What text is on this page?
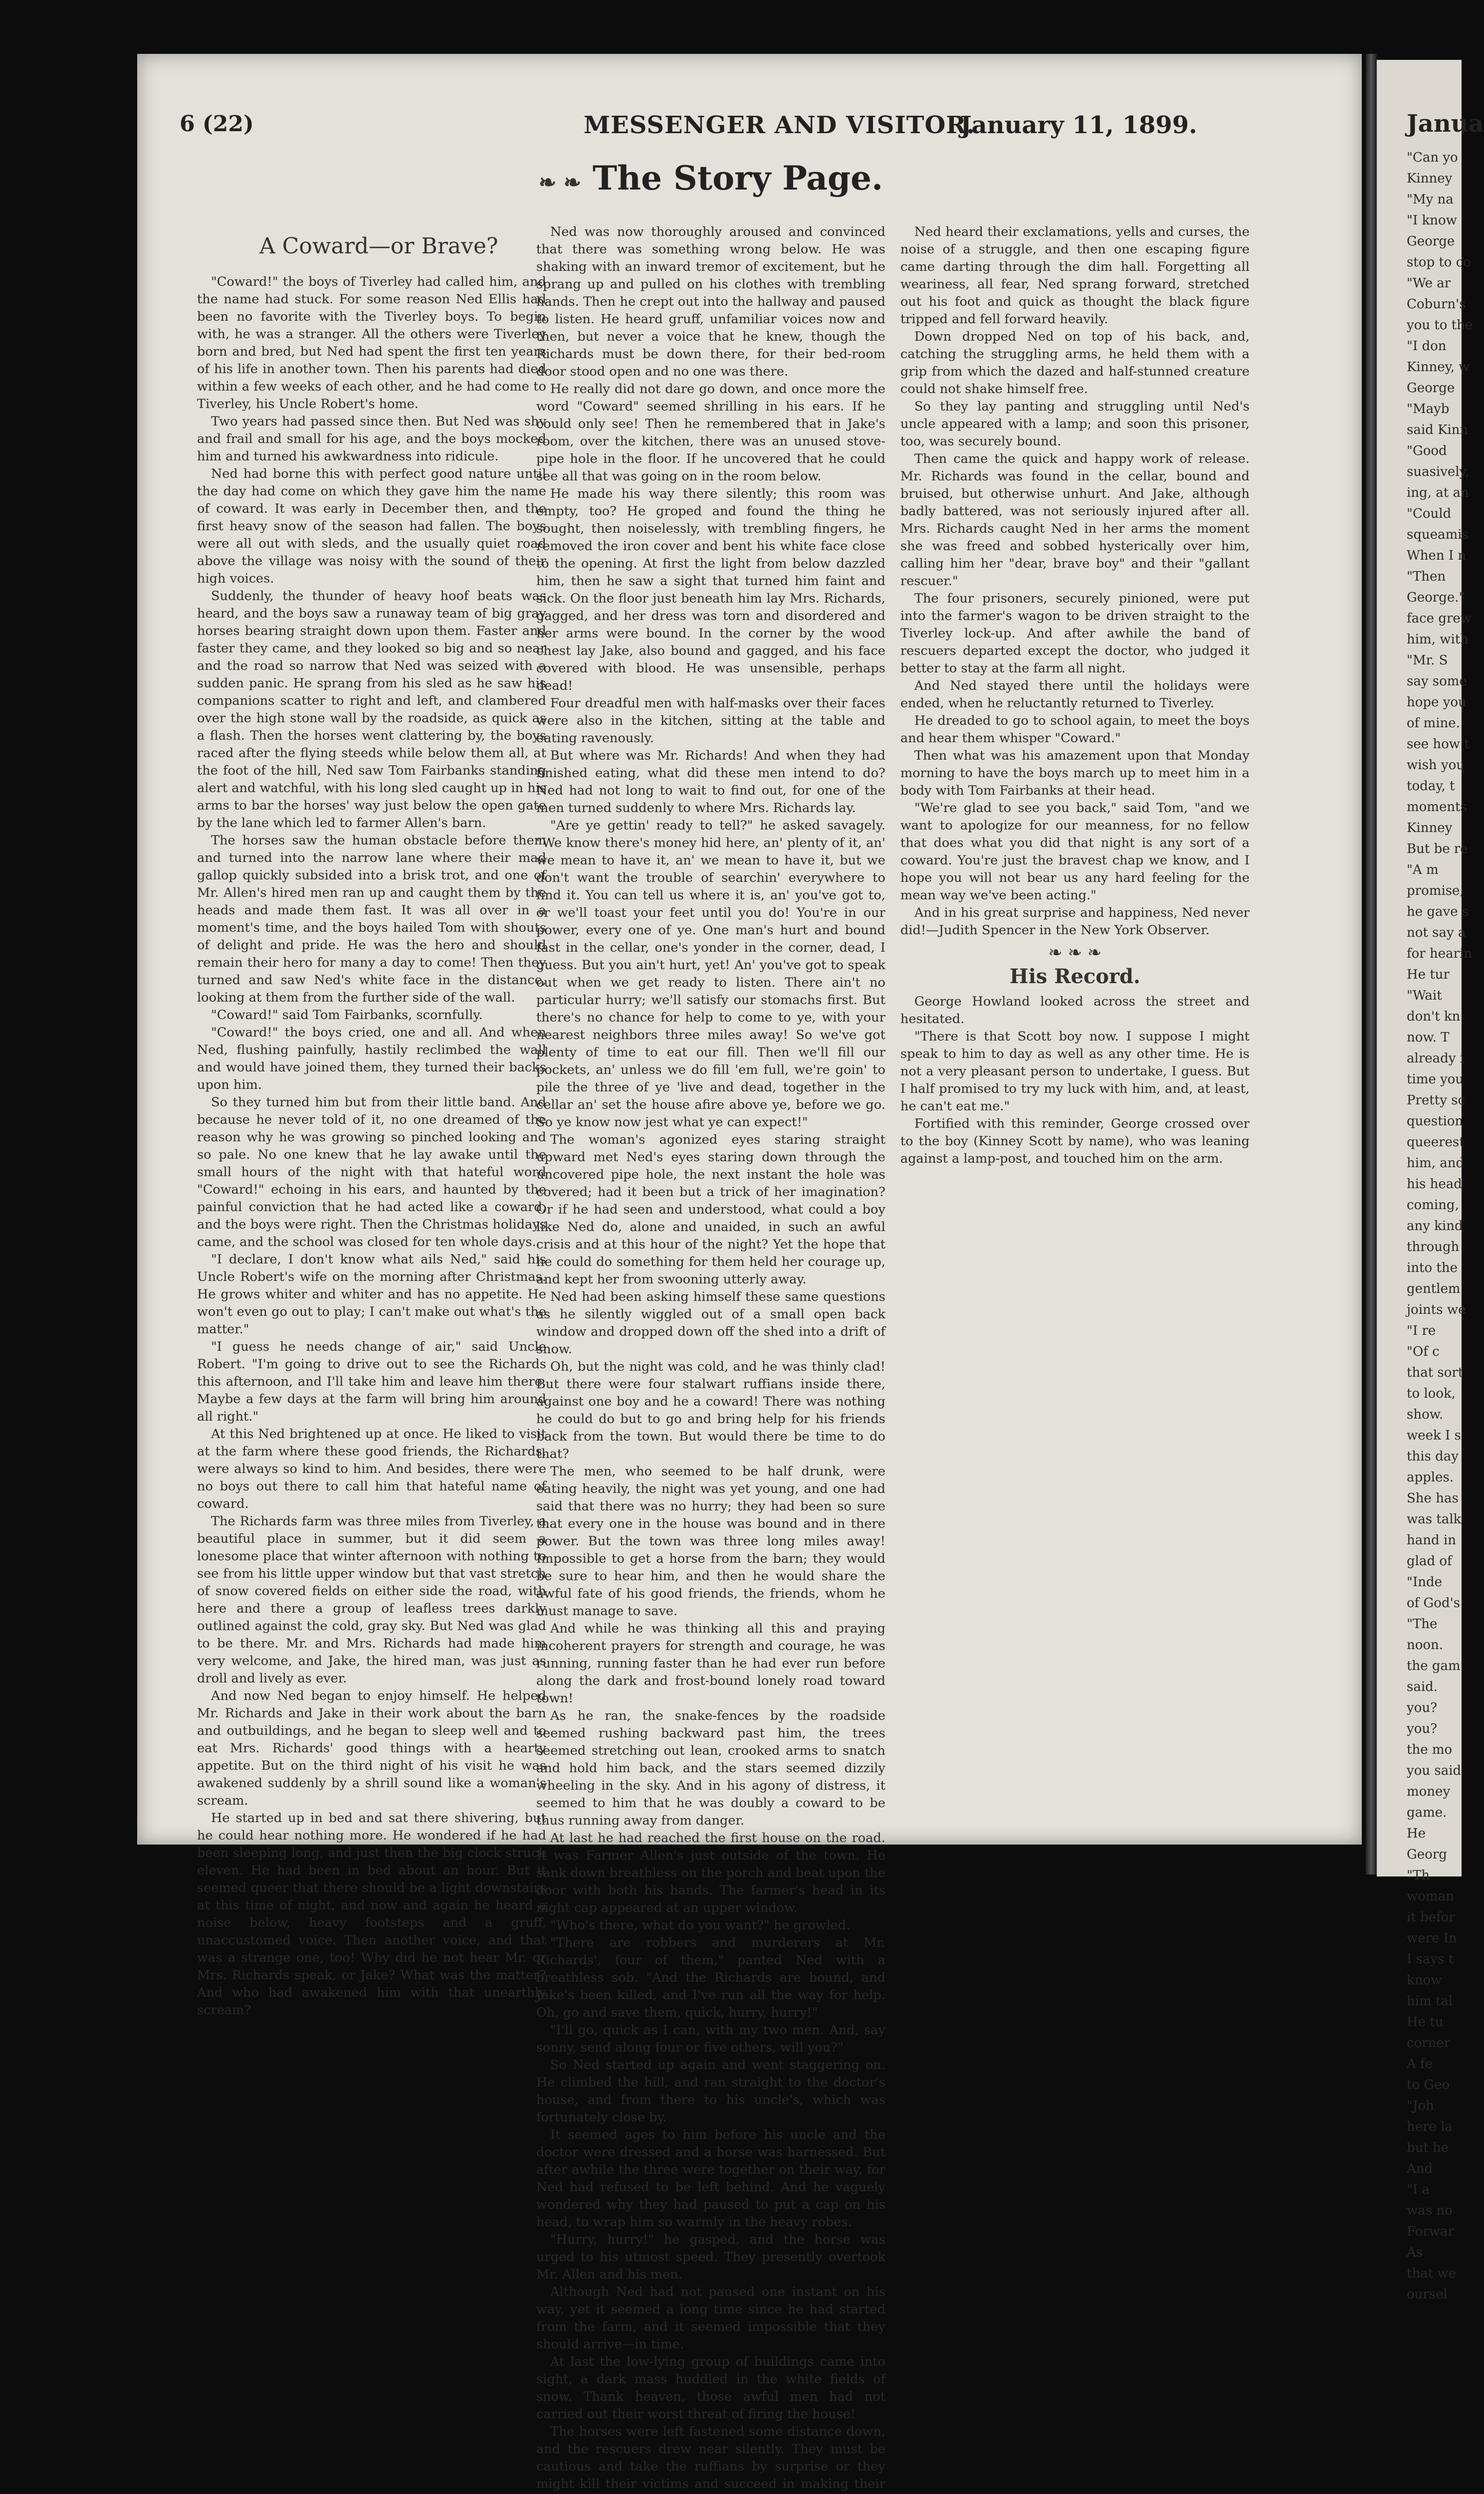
6 (22)	MESSENGER AND VISITOR.
January 11, 1899.
❧ ❧ The Story Page.
A Coward—or Brave?

"Coward!" the boys of Tiverley had called him, and the name had stuck. For some reason Ned Ellis had been no favorite with the Tiverley boys. To begin with, he was a stranger. All the others were Tiverley born and bred, but Ned had spent the first ten years of his life in another town. Then his parents had died within a few weeks of each other, and he had come to Tiverley, his Uncle Robert's home.

Two years had passed since then. But Ned was shy and frail and small for his age, and the boys mocked him and turned his awkwardness into ridicule.

Ned had borne this with perfect good nature until the day had come on which they gave him the name of coward. It was early in December then, and the first heavy snow of the season had fallen. The boys were all out with sleds, and the usually quiet road above the village was noisy with the sound of their high voices.

Suddenly, the thunder of heavy hoof beats was heard, and the boys saw a runaway team of big gray horses bearing straight down upon them. Faster and faster they came, and they looked so big and so near and the road so narrow that Ned was seized with a sudden panic. He sprang from his sled as he saw his companions scatter to right and left, and clambered over the high stone wall by the roadside, as quick as a flash. Then the horses went clattering by, the boys raced after the flying steeds while below them all, at the foot of the hill, Ned saw Tom Fairbanks standing alert and watchful, with his long sled caught up in his arms to bar the horses' way just below the open gate by the lane which led to farmer Allen's barn.

The horses saw the human obstacle before them and turned into the narrow lane where their mad gallop quickly subsided into a brisk trot, and one of Mr. Allen's hired men ran up and caught them by the heads and made them fast. It was all over in a moment's time, and the boys hailed Tom with shouts of delight and pride. He was the hero and should remain their hero for many a day to come! Then they turned and saw Ned's white face in the distance, looking at them from the further side of the wall.

"Coward!" said Tom Fairbanks, scornfully.

"Coward!" the boys cried, one and all. And when Ned, flushing painfully, hastily reclimbed the wall and would have joined them, they turned their backs upon him.

So they turned him but from their little band. And because he never told of it, no one dreamed of the reason why he was growing so pinched looking and so pale. No one knew that he lay awake until the small hours of the night with that hateful word "Coward!" echoing in his ears, and haunted by the painful conviction that he had acted like a coward, and the boys were right. Then the Christmas holidays came, and the school was closed for ten whole days.

"I declare, I don't know what ails Ned," said his Uncle Robert's wife on the morning after Christmas. He grows whiter and whiter and has no appetite. He won't even go out to play; I can't make out what's the matter."

"I guess he needs change of air," said Uncle Robert. "I'm going to drive out to see the Richards this afternoon, and I'll take him and leave him there. Maybe a few days at the farm will bring him around all right."

At this Ned brightened up at once. He liked to visit at the farm where these good friends, the Richards, were always so kind to him. And besides, there were no boys out there to call him that hateful name of coward.

The Richards farm was three miles from Tiverley, a beautiful place in summer, but it did seem a lonesome place that winter afternoon with nothing to see from his little upper window but that vast stretch of snow covered fields on either side the road, with here and there a group of leafless trees darkly outlined against the cold, gray sky. But Ned was glad to be there. Mr. and Mrs. Richards had made him very welcome, and Jake, the hired man, was just as droll and lively as ever.

And now Ned began to enjoy himself. He helped Mr. Richards and Jake in their work about the barn and outbuildings, and he began to sleep well and to eat Mrs. Richards' good things with a hearty appetite. But on the third night of his visit he was awakened suddenly by a shrill sound like a woman's scream.

He started up in bed and sat there shivering, but he could hear nothing more. He wondered if he had been sleeping long, and just then the big clock struck eleven. He had been in bed about an hour. But it seemed queer that there should be a light downstairs at this time of night, and now and again he heard a noise below, heavy footsteps and a gruff, unaccustomed voice. Then another voice, and that was a strange one, too! Why did he not hear Mr. or Mrs. Richards speak, or Jake? What was the matter? And who had awakened him with that unearthly scream?

Ned was now thoroughly aroused and convinced that there was something wrong below. He was shaking with an inward tremor of excitement, but he sprang up and pulled on his clothes with trembling hands. Then he crept out into the hallway and paused to listen. He heard gruff, unfamiliar voices now and then, but never a voice that he knew, though the Richards must be down there, for their bed-room door stood open and no one was there.

He really did not dare go down, and once more the word "Coward" seemed shrilling in his ears. If he could only see! Then he remembered that in Jake's room, over the kitchen, there was an unused stove-pipe hole in the floor. If he uncovered that he could see all that was going on in the room below.

He made his way there silently; this room was empty, too? He groped and found the thing he sought, then noiselessly, with trembling fingers, he removed the iron cover and bent his white face close to the opening. At first the light from below dazzled him, then he saw a sight that turned him faint and sick. On the floor just beneath him lay Mrs. Richards, gagged, and her dress was torn and disordered and her arms were bound. In the corner by the wood chest lay Jake, also bound and gagged, and his face covered with blood. He was unsensible, perhaps dead!

Four dreadful men with half-masks over their faces were also in the kitchen, sitting at the table and eating ravenously.

But where was Mr. Richards! And when they had finished eating, what did these men intend to do? Ned had not long to wait to find out, for one of the men turned suddenly to where Mrs. Richards lay.

"Are ye gettin' ready to tell?" he asked savagely. "We know there's money hid here, an' plenty of it, an' we mean to have it, an' we mean to have it, but we don't want the trouble of searchin' everywhere to find it. You can tell us where it is, an' you've got to, or we'll toast your feet until you do! You're in our power, every one of ye. One man's hurt and bound fast in the cellar, one's yonder in the corner, dead, I guess. But you ain't hurt, yet! An' you've got to speak out when we get ready to listen. There ain't no particular hurry; we'll satisfy our stomachs first. But there's no chance for help to come to ye, with your nearest neighbors three miles away! So we've got plenty of time to eat our fill. Then we'll fill our pockets, an' unless we do fill 'em full, we're goin' to pile the three of ye 'live and dead, together in the cellar an' set the house afire above ye, before we go. So ye know now jest what ye can expect!"

The woman's agonized eyes staring straight upward met Ned's eyes staring down through the uncovered pipe hole, the next instant the hole was covered; had it been but a trick of her imagination? Or if he had seen and understood, what could a boy like Ned do, alone and unaided, in such an awful crisis and at this hour of the night? Yet the hope that he could do something for them held her courage up, and kept her from swooning utterly away.

Ned had been asking himself these same questions as he silently wiggled out of a small open back window and dropped down off the shed into a drift of snow.

Oh, but the night was cold, and he was thinly clad! But there were four stalwart ruffians inside there, against one boy and he a coward! There was nothing he could do but to go and bring help for his friends back from the town. But would there be time to do that?

The men, who seemed to be half drunk, were eating heavily, the night was yet young, and one had said that there was no hurry; they had been so sure that every one in the house was bound and in there power. But the town was three long miles away! Impossible to get a horse from the barn; they would be sure to hear him, and then he would share the awful fate of his good friends, the friends, whom he must manage to save.

And while he was thinking all this and praying incoherent prayers for strength and courage, he was running, running faster than he had ever run before along the dark and frost-bound lonely road toward town!

As he ran, the snake-fences by the roadside seemed rushing backward past him, the trees seemed stretching out lean, crooked arms to snatch and hold him back, and the stars seemed dizzily wheeling in the sky. And in his agony of distress, it seemed to him that he was doubly a coward to be thus running away from danger.

At last he had reached the first house on the road. It was Farmer Allen's just outside of the town. He sank down breathless on the porch and beat upon the door with both his hands. The farmer's head in its night cap appeared at an upper window.

"Who's there, what do you want?" he growled.

"There are robbers and murderers at Mr. Richards', four of them," panted Ned with a breathless sob. "And the Richards are bound, and Jake's been killed, and I've run all the way for help. Oh, go and save them, quick, hurry, hurry!"

"I'll go, quick as I can, with my two men. And, say sonny, send along four or five others, will you?"

So Ned started up again and went staggering on. He climbed the hill, and ran straight to the doctor's house, and from there to his uncle's, which was fortunately close by.

It seemed ages to him before his uncle and the doctor were dressed and a horse was harnessed. But after awhile the three were together on their way, for Ned had refused to be left behind. And he vaguely wondered why they had paused to put a cap on his head, to wrap him so warmly in the heavy robes.

"Hurry, hurry!" he gasped, and the horse was urged to his utmost speed. They presently overtook Mr. Allen and his men.

Although Ned had not paused one instant on his way, yet it seemed a long time since he had started from the farm, and it seemed impossible that they should arrive—in time.

At last the low-lying group of buildings came into sight, a dark mass huddled in the white fields of snow. Thank heaven, those awful men had not carried out their worst threat of firing the house!

The horses were left fastened some distance down, and the rescuers drew near silently. They must be cautious and take the ruffians by surprise or they might kill their victims and succeed in making their

Ned heard their exclamations, yells and curses, the noise of a struggle, and then one escaping figure came darting through the dim hall. Forgetting all weariness, all fear, Ned sprang forward, stretched out his foot and quick as thought the black figure tripped and fell forward heavily.

Down dropped Ned on top of his back, and, catching the struggling arms, he held them with a grip from which the dazed and half-stunned creature could not shake himself free.

So they lay panting and struggling until Ned's uncle appeared with a lamp; and soon this prisoner, too, was securely bound.

Then came the quick and happy work of release. Mr. Richards was found in the cellar, bound and bruised, but otherwise unhurt. And Jake, although badly battered, was not seriously injured after all. Mrs. Richards caught Ned in her arms the moment she was freed and sobbed hysterically over him, calling him her "dear, brave boy" and their "gallant rescuer."

The four prisoners, securely pinioned, were put into the farmer's wagon to be driven straight to the Tiverley lock-up. And after awhile the band of rescuers departed except the doctor, who judged it better to stay at the farm all night.

And Ned stayed there until the holidays were ended, when he reluctantly returned to Tiverley.

He dreaded to go to school again, to meet the boys and hear them whisper "Coward."

Then what was his amazement upon that Monday morning to have the boys march up to meet him in a body with Tom Fairbanks at their head.

"We're glad to see you back," said Tom, "and we want to apologize for our meanness, for no fellow that does what you did that night is any sort of a coward. You're just the bravest chap we know, and I hope you will not bear us any hard feeling for the mean way we've been acting."

And in his great surprise and happiness, Ned never did!—Judith Spencer in the New York Observer.

❧ ❧ ❧
His Record.

George Howland looked across the street and hesitated.

"There is that Scott boy now. I suppose I might speak to him to day as well as any other time. He is not a very pleasant person to undertake, I guess. But I half promised to try my luck with him, and, at least, he can't eat me."

Fortified with this reminder, George crossed over to the boy (Kinney Scott by name), who was leaning against a lamp-post, and touched him on the arm.

Janua
"Can yo
Kinney
"My na
"I know
George
stop to co
"We ar
Coburn's
you to the
"I don
Kinney, w
George
"Mayb
said Kinn
"Good
suasively,
ing, at an
"Could
squeamis
When I n
"Then
George."
face grew
him, with
"Mr. S
say some
hope you
of mine.
see how t
wish you
today, t
moments
Kinney
But be re
"A m
promise,
he gave s
not say a
for hearin
He tur
"Wait
don't kn
now. T
already i
time you
Pretty sc
question
queerest
him, and
his head
coming,
any kind
through
into the
gentlem
joints we
"I re
"Of c
that sort
to look,
show.
week I s
this day
apples.
She has
was talk
hand in
glad of
"Inde
of God's
"The
noon.
the gam
said.
you?
you?
the mo
you said
money
game.
He
Georg
"Th
woman
it befor
were In
I says t
know
him tal
He tu
corner
A fe
to Geo
"Joh
here la
but he
And
"I a
was no
Forwar
As
that we
oursel
